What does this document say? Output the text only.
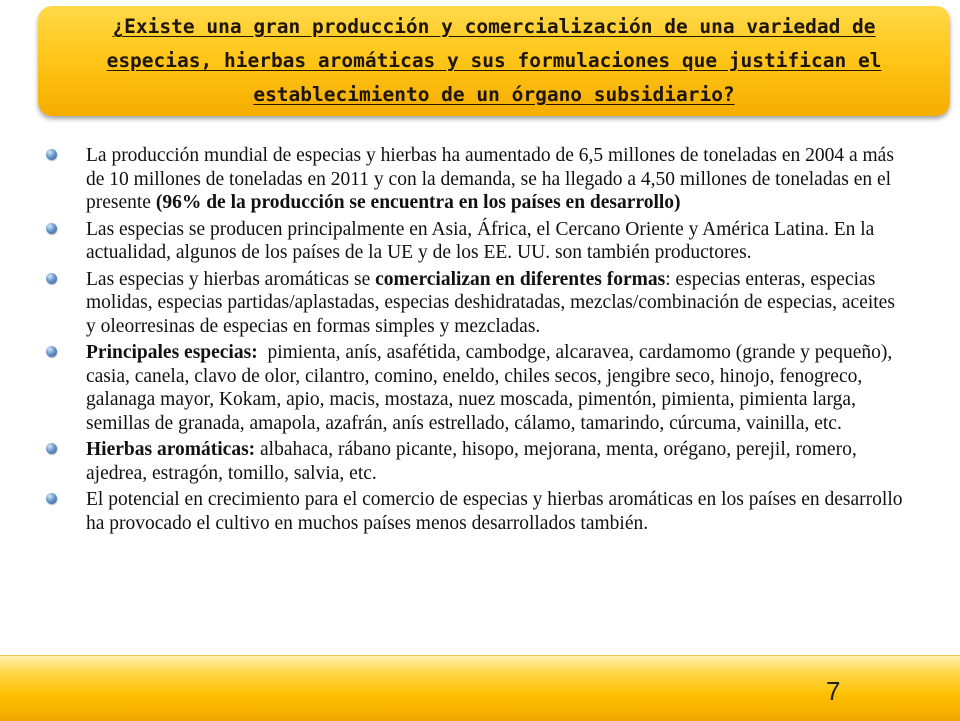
¿Existe una gran producción y comercialización de una variedad de especias, hierbas aromáticas y sus formulaciones que justifican el establecimiento de un órgano subsidiario?
La producción mundial de especias y hierbas ha aumentado de 6,5 millones de toneladas en 2004 a más de 10 millones de toneladas en 2011 y con la demanda, se ha llegado a 4,50 millones de toneladas en el presente (96% de la producción se encuentra en los países en desarrollo)
Las especias se producen principalmente en Asia, África, el Cercano Oriente y América Latina. En la actualidad, algunos de los países de la UE y de los EE. UU. son también productores.
Las especias y hierbas aromáticas se comercializan en diferentes formas: especias enteras, especias molidas, especias partidas/aplastadas, especias deshidratadas, mezclas/combinación de especias, aceites y oleorresinas de especias en formas simples y mezcladas.
Principales especias:  pimienta, anís, asafétida, cambodge, alcaravea, cardamomo (grande y pequeño), casia, canela, clavo de olor, cilantro, comino, eneldo, chiles secos, jengibre seco, hinojo, fenogreco, galanaga mayor, Kokam, apio, macis, mostaza, nuez moscada, pimentón, pimienta, pimienta larga, semillas de granada, amapola, azafrán, anís estrellado, cálamo, tamarindo, cúrcuma, vainilla, etc.
Hierbas aromáticas: albahaca, rábano picante, hisopo, mejorana, menta, orégano, perejil, romero, ajedrea, estragón, tomillo, salvia, etc.
El potencial en crecimiento para el comercio de especias y hierbas aromáticas en los países en desarrollo ha provocado el cultivo en muchos países menos desarrollados también.
7
